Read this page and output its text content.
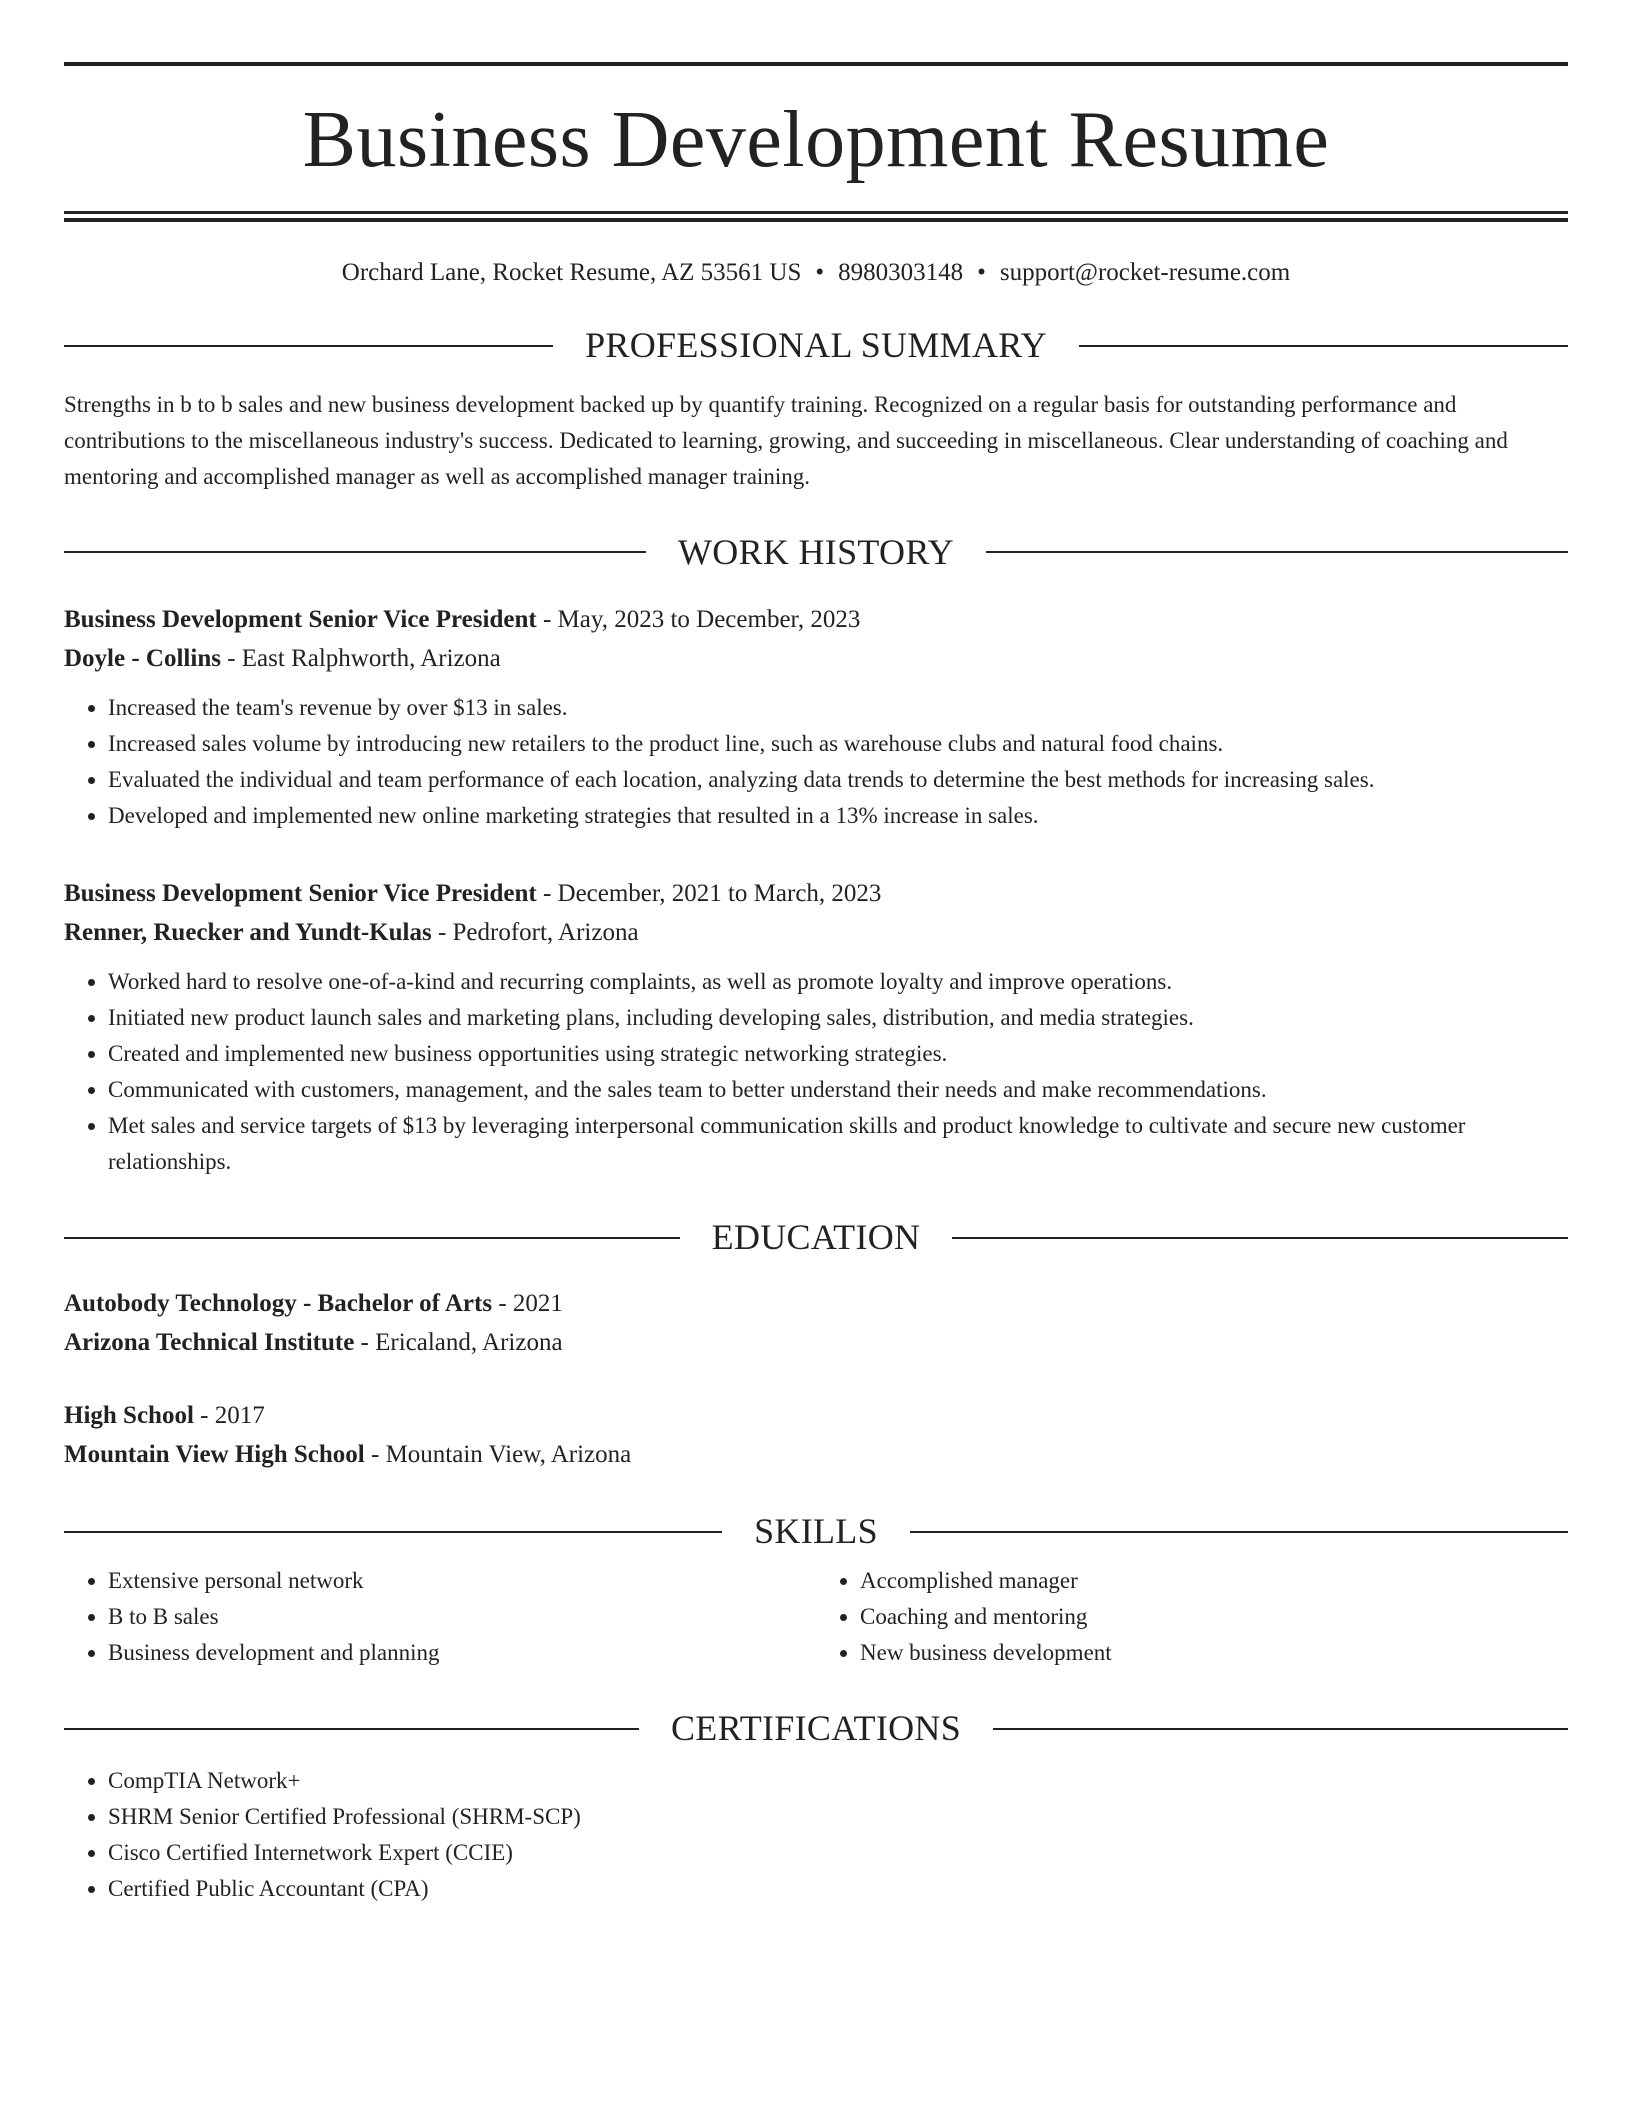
Business Development Resume
Orchard Lane, Rocket Resume, AZ 53561 US • 8980303148 • support@rocket-resume.com
PROFESSIONAL SUMMARY
Strengths in b to b sales and new business development backed up by quantify training. Recognized on a regular basis for outstanding performance and contributions to the miscellaneous industry's success. Dedicated to learning, growing, and succeeding in miscellaneous. Clear understanding of coaching and mentoring and accomplished manager as well as accomplished manager training.
WORK HISTORY
Business Development Senior Vice President - May, 2023 to December, 2023
Doyle - Collins - East Ralphworth, Arizona
• Increased the team's revenue by over $13 in sales.
• Increased sales volume by introducing new retailers to the product line, such as warehouse clubs and natural food chains.
• Evaluated the individual and team performance of each location, analyzing data trends to determine the best methods for increasing sales.
• Developed and implemented new online marketing strategies that resulted in a 13% increase in sales.
Business Development Senior Vice President - December, 2021 to March, 2023
Renner, Ruecker and Yundt-Kulas - Pedrofort, Arizona
• Worked hard to resolve one-of-a-kind and recurring complaints, as well as promote loyalty and improve operations.
• Initiated new product launch sales and marketing plans, including developing sales, distribution, and media strategies.
• Created and implemented new business opportunities using strategic networking strategies.
• Communicated with customers, management, and the sales team to better understand their needs and make recommendations.
• Met sales and service targets of $13 by leveraging interpersonal communication skills and product knowledge to cultivate and secure new customer relationships.
EDUCATION
Autobody Technology - Bachelor of Arts - 2021
Arizona Technical Institute - Ericaland, Arizona
High School - 2017
Mountain View High School - Mountain View, Arizona
SKILLS
• Extensive personal network
• B to B sales
• Business development and planning
• Accomplished manager
• Coaching and mentoring
• New business development
CERTIFICATIONS
• CompTIA Network+
• SHRM Senior Certified Professional (SHRM-SCP)
• Cisco Certified Internetwork Expert (CCIE)
• Certified Public Accountant (CPA)
